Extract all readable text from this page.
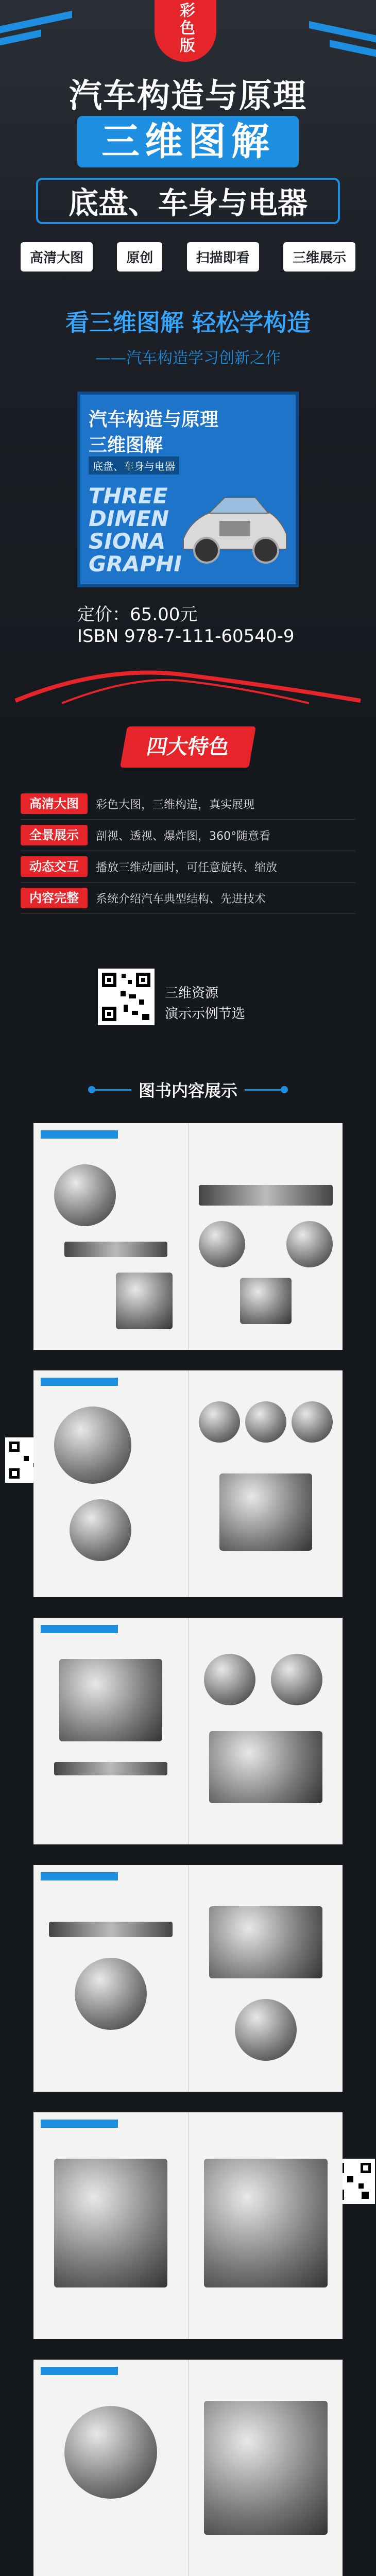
彩色版
汽车构造与原理
三维图解
底盘、车身与电器
高清大图	原创	扫描即看	三维展示
看三维图解 轻松学构造
——汽车构造学习创新之作
汽车构造与原理
三维图解
底盘、车身与电器
THREE
DIMEN
SIONA
GRAPHI
定价：65.00元
ISBN 978-7-111-60540-9
四大特色
高清大图	彩色大图，三维构造，真实展现
全景展示	剖视、透视、爆炸图，360°随意看
动态交互	播放三维动画时，可任意旋转、缩放
内容完整	系统介绍汽车典型结构、先进技术
三维资源
演示示例节选
图书内容展示
